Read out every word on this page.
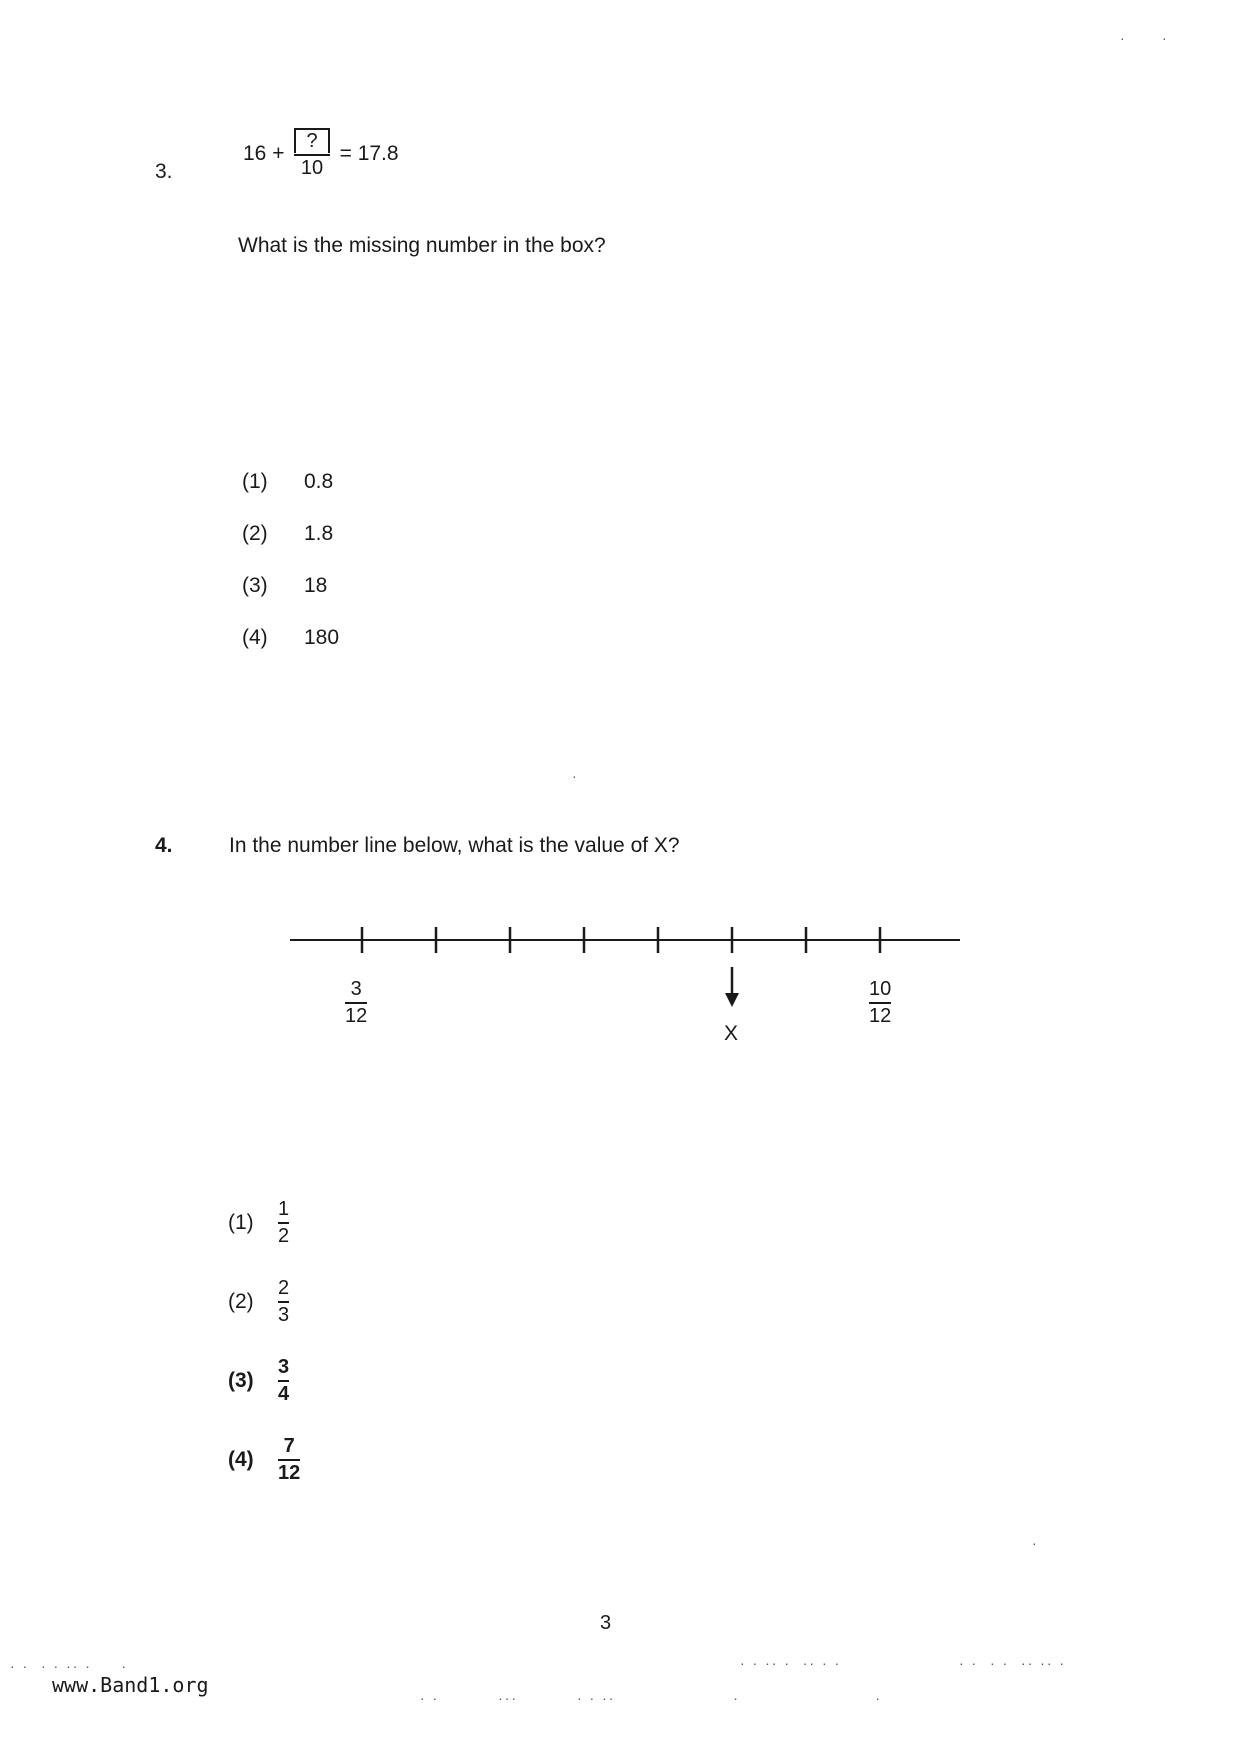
3.
$16 + \frac{?}{10} = 17.8$
What is the missing number in the box?
(1)	0.8
(2)	1.8
(3)	18
(4)	180
4.	In the number line below, what is the value of X?
$\frac{3}{12}$	$\frac{10}{12}$
X
(1)	$\frac{1}{2}$
(2)	$\frac{2}{3}$
(3)	$\frac{3}{4}$
(4)	$\frac{7}{12}$
3
www.Band1.org
·      ·
·
·
· ·  · · ·· ·     ·	· · ·· ·  ·· · ·                    · ·  · ·  ·· ·· ·
· ·          ···          · · ··                    ·                       ·
